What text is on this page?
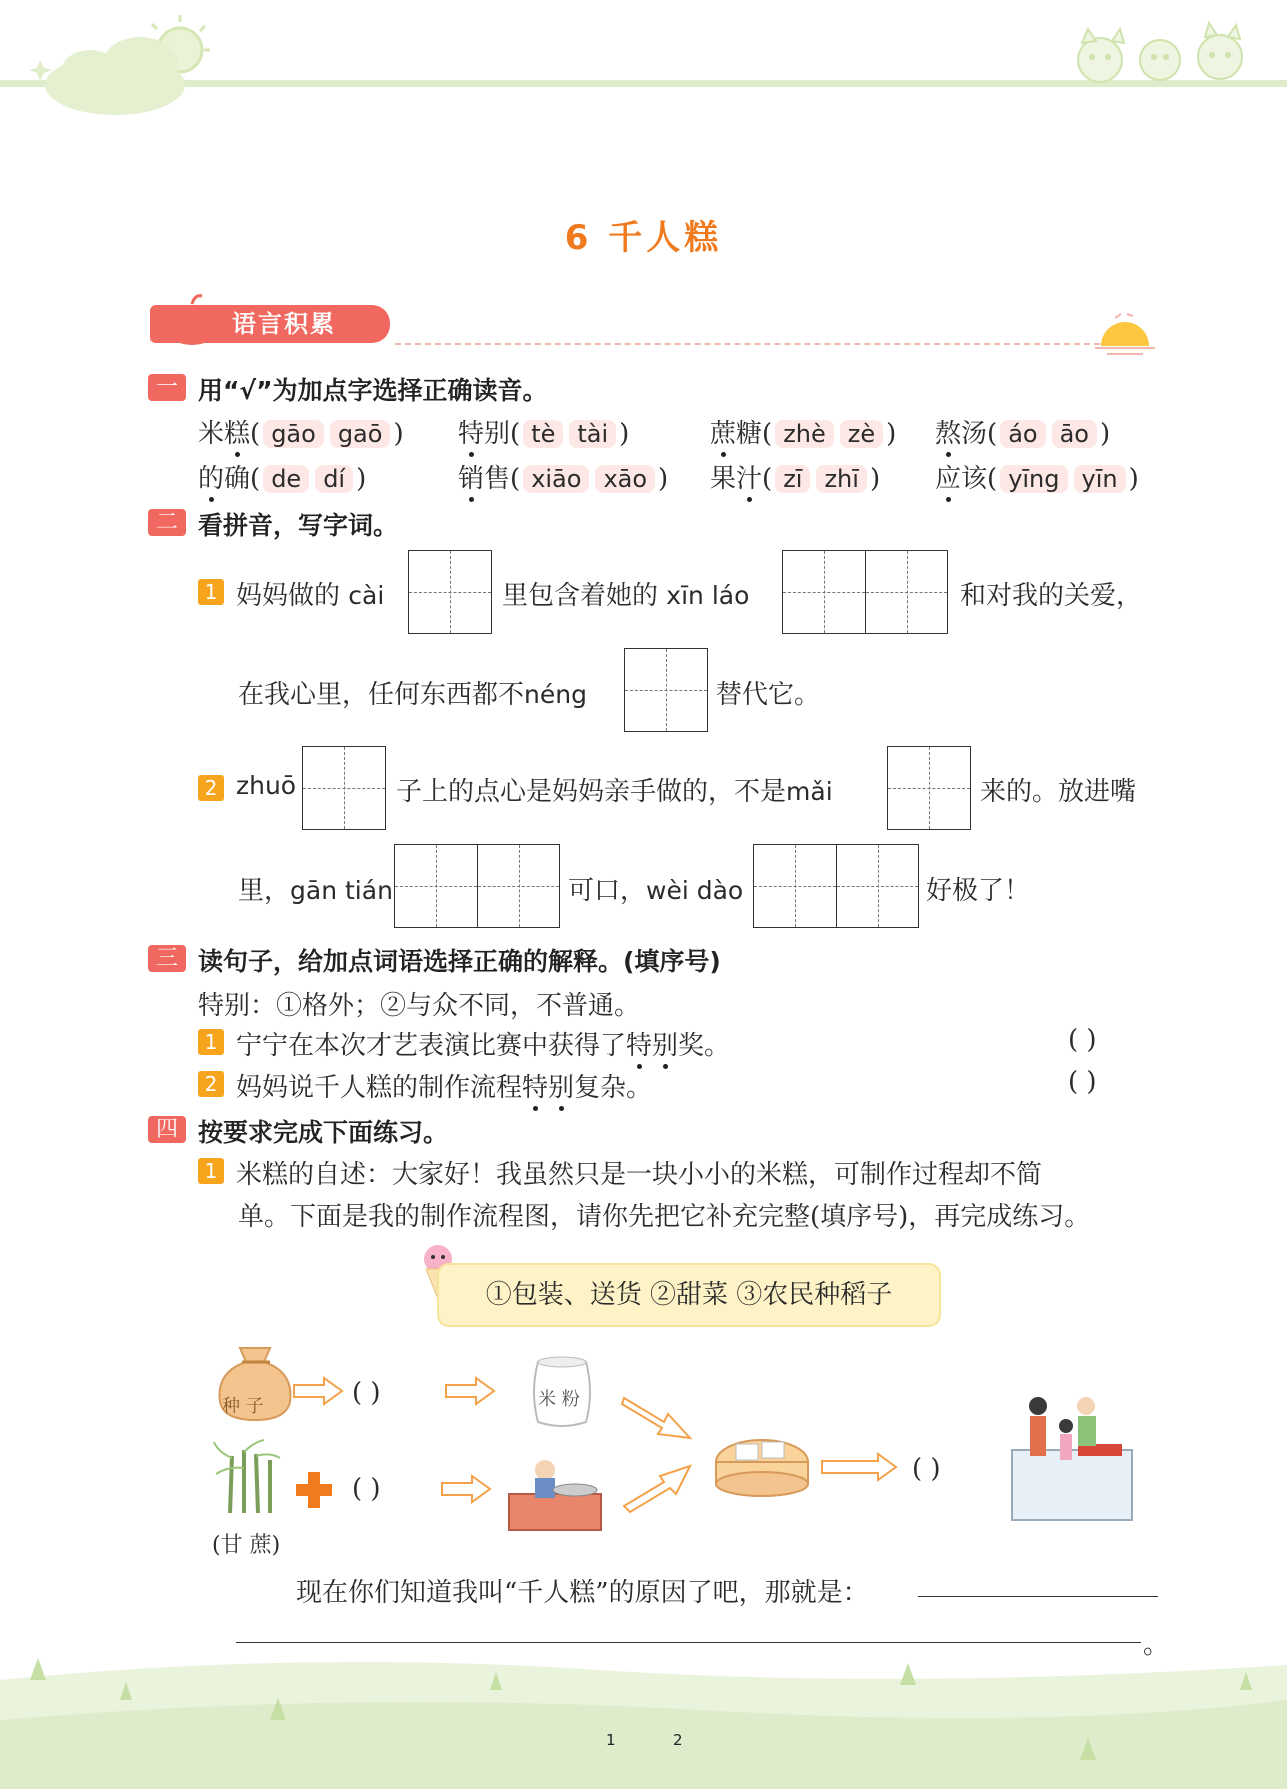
6 千人糕
语言积累
一 用“√”为加点字选择正确读音。
米糕( gāo gaō ) 特别( tè tài )	蔗糖( zhè zè ) 熬汤( áo āo )
的确( de dí )	销售( xiāo xāo ) 果汁( zī zhī ) 应该( yīng yīn )
二 看拼音，写字词。
1 妈妈做的 cài	里包含着她的 xīn láo	和对我的关爱，
在我心里，任何东西都不néng	替代它。
2 zhuō	子上的点心是妈妈亲手做的，不是mǎi	来的。放进嘴
里，gān tián	可口，wèi dào	好极了！
三 读句子，给加点词语选择正确的解释。(填序号)
特别：①格外；②与众不同，不普通。
1 宁宁在本次才艺表演比赛中获得了特别奖。	( )
2 妈妈说千人糕的制作流程特别复杂。	( )
四 按要求完成下面练习。
1 米糕的自述：大家好！我虽然只是一块小小的米糕，可制作过程却不简
单。下面是我的制作流程图，请你先把它补充完整(填序号)，再完成练习。
①包装、送货 ②甜菜 ③农民种稻子
种 子	( )	米 粉
( )
(甘 蔗)
( )
现在你们知道我叫“千人糕”的原因了吧，那就是：
。
1	2
